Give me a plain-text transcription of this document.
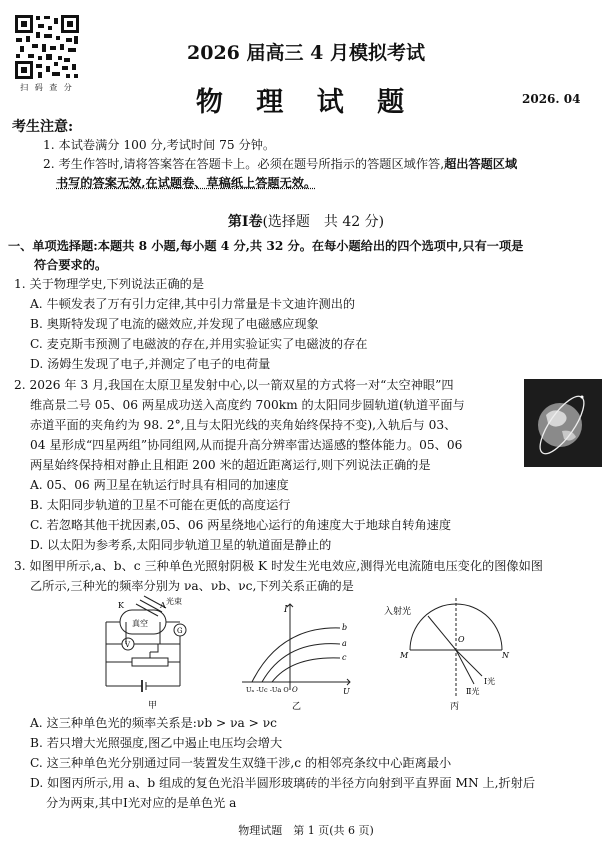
扫 码 查 分
2026 届高三 4 月模拟考试
物 理 试 题	2026. 04
考生注意:
1. 本试卷满分 100 分,考试时间 75 分钟。
2. 考生作答时,请将答案答在答题卡上。必须在题号所指示的答题区域作答,超出答题区域
书写的答案无效,在试题卷、草稿纸上答题无效。
第Ⅰ卷(选择题　共 42 分)
一、单项选择题:本题共 8 小题,每小题 4 分,共 32 分。在每小题给出的四个选项中,只有一项是
符合要求的。
1. 关于物理学史,下列说法正确的是
A. 牛顿发表了万有引力定律,其中引力常量是卡文迪许测出的
B. 奥斯特发现了电流的磁效应,并发现了电磁感应现象
C. 麦克斯韦预测了电磁波的存在,并用实验证实了电磁波的存在
D. 汤姆生发现了电子,并测定了电子的电荷量
2. 2026 年 3 月,我国在太原卫星发射中心,以一箭双星的方式将一对“太空神眼”四
维高景二号 05、06 两星成功送入高度约 700km 的太阳同步圆轨道(轨道平面与
赤道平面的夹角约为 98. 2°,且与太阳光线的夹角始终保持不变),入轨后与 03、
04 星形成“四星两组”协同组网,从而提升高分辨率雷达遥感的整体能力。05、06
两星始终保持相对静止且相距 200 米的超近距离运行,则下列说法正确的是
A. 05、06 两卫星在轨运行时具有相同的加速度
B. 太阳同步轨道的卫星不可能在更低的高度运行
C. 若忽略其他干扰因素,05、06 两星绕地心运行的角速度大于地球自转角速度
D. 以太阳为参考系,太阳同步轨道卫星的轨道面是静止的
3. 如图甲所示,a、b、c 三种单色光照射阴极 K 时发生光电效应,测得光电流随电压变化的图像如图
乙所示,三种光的频率分别为 νa、νb、νc,下列关系正确的是
光束
K	A
真空
G
V
甲
I
U
b
a
c
Uₙ -Uc -Ua O O
乙
入射光
O
M	N
Ⅱ光
Ⅰ光
丙
A. 这三种单色光的频率关系是:νb > νa > νc
B. 若只增大光照强度,图乙中遏止电压均会增大
C. 这三种单色光分别通过同一装置发生双缝干涉,c 的相邻亮条纹中心距离最小
D. 如图丙所示,用 a、b 组成的复色光沿半圆形玻璃砖的半径方向射到平直界面 MN 上,折射后
分为两束,其中Ⅰ光对应的是单色光 a
物理试题　第 1 页(共 6 页)
